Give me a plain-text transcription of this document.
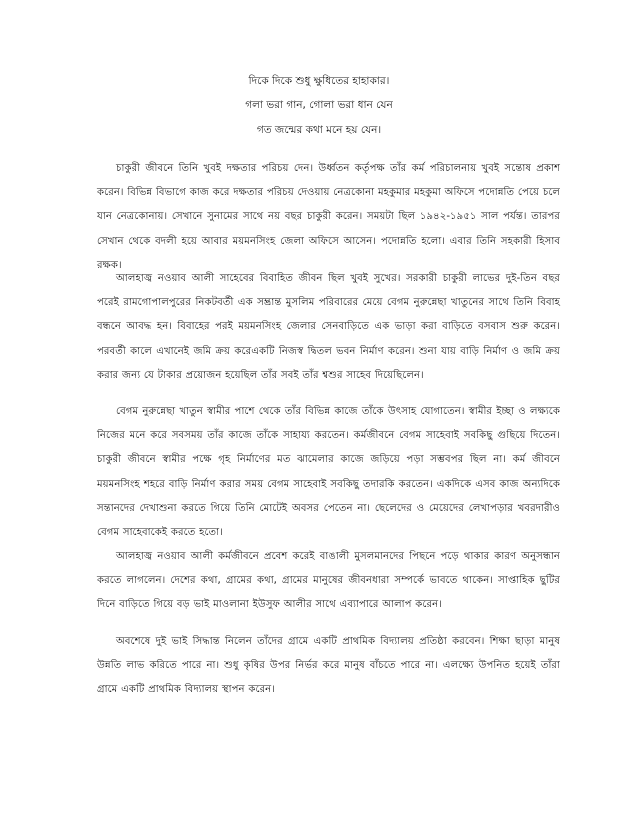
দিকে দিকে শুধু ক্ষুধিতের হাহাকার।
গলা ভরা গান, গোলা ভরা ধান যেন
গত জন্মের কথা মনে হয় যেন।

চাকুরী জীবনে তিনি খুবই দক্ষতার পরিচয় দেন। উর্ধ্বতন কর্তৃপক্ষ তাঁর কর্ম পরিচালনায় খুবই সন্তোষ প্রকাশ করেন। বিভিন্ন বিভাগে কাজ করে দক্ষতার পরিচয় দেওয়ায় নেত্রকোনা মহকুমার মহকুমা অফিসে পদোন্নতি পেয়ে চলে যান নেত্রকোনায়। সেখানে সুনামের সাথে নয় বছর চাকুরী করেন। সময়টা ছিল ১৯৪২-১৯৫১ সাল পর্যন্ত। তারপর সেখান থেকে বদলী হয়ে আবার ময়মনসিংহ জেলা অফিসে আসেন। পদোন্নতি হলো। এবার তিনি সহকারী হিসাব রক্ষক।

আলহাজ্ব নওয়াব আলী সাহেবের বিবাহিত জীবন ছিল খুবই সুখের। সরকারী চাকুরী লাভের দুই-তিন বছর পরেই রামগোপালপুরের নিকটবর্তী এক সম্ভ্রান্ত মুসলিম পরিবারের মেয়ে বেগম নুরুন্নেছা খাতুনের সাথে তিনি বিবাহ বন্ধনে আবদ্ধ হন। বিবাহের পরই ময়মনসিংহ জেলার সেনবাড়িতে এক ভাড়া করা বাড়িতে বসবাস শুরু করেন। পরবর্তী কালে এখানেই জমি ক্রয় করেএকটি নিজস্ব দ্বিতল ভবন নির্মাণ করেন। শুনা যায় বাড়ি নির্মাণ ও জমি ক্রয় করার জন্য যে টাকার প্রয়োজন হয়েছিল তাঁর সবই তাঁর শ্বশুর সাহেব দিয়েছিলেন।

বেগম নুরুন্নেছা খাতুন স্বামীর পাশে থেকে তাঁর বিভিন্ন কাজে তাঁকে উৎসাহ যোগাতেন। স্বামীর ইচ্ছা ও লক্ষ্যকে নিজের মনে করে সবসময় তাঁর কাজে তাঁকে সাহায্য করতেন। কর্মজীবনে বেগম সাহেবাই সবকিছু গুছিয়ে দিতেন। চাকুরী জীবনে স্বামীর পক্ষে গৃহ নির্মাণের মত ঝামেলার কাজে জড়িয়ে পড়া সম্ভবপর ছিল না। কর্ম জীবনে ময়মনসিংহ শহরে বাড়ি নির্মাণ করার সময় বেগম সাহেবাই সবকিছু তদারকি করতেন। একদিকে এসব কাজ অন্যদিকে সন্তানদের দেখাশুনা করতে গিয়ে তিনি মোটেই অবসর পেতেন না। ছেলেদের ও মেয়েদের লেখাপড়ার খবরদারীও বেগম সাহেবাকেই করতে হতো।

আলহাজ্ব নওয়াব আলী কর্মজীবনে প্রবেশ করেই বাঙালী মুসলমানদের পিছনে পড়ে থাকার কারণ অনুসন্ধান করতে লাগলেন। দেশের কথা, গ্রামের কথা, গ্রামের মানুষের জীবনধারা সম্পর্কে ভাবতে থাকেন। সাপ্তাহিক ছুটির দিনে বাড়িতে গিয়ে বড় ভাই মাওলানা ইউসুফ আলীর সাথে এব্যাপারে আলাপ করেন।

অবশেষে দুই ভাই সিদ্ধান্ত নিলেন তাঁদের গ্রামে একটি প্রাথমিক বিদ্যালয় প্রতিষ্ঠা করবেন। শিক্ষা ছাড়া মানুষ উন্নতি লাভ করিতে পারে না। শুধু কৃষির উপর নির্ভর করে মানুষ বাঁচতে পারে না। এলক্ষ্যে উপনিত হয়েই তাঁরা গ্রামে একটি প্রাথমিক বিদ্যালয় স্থাপন করেন।
